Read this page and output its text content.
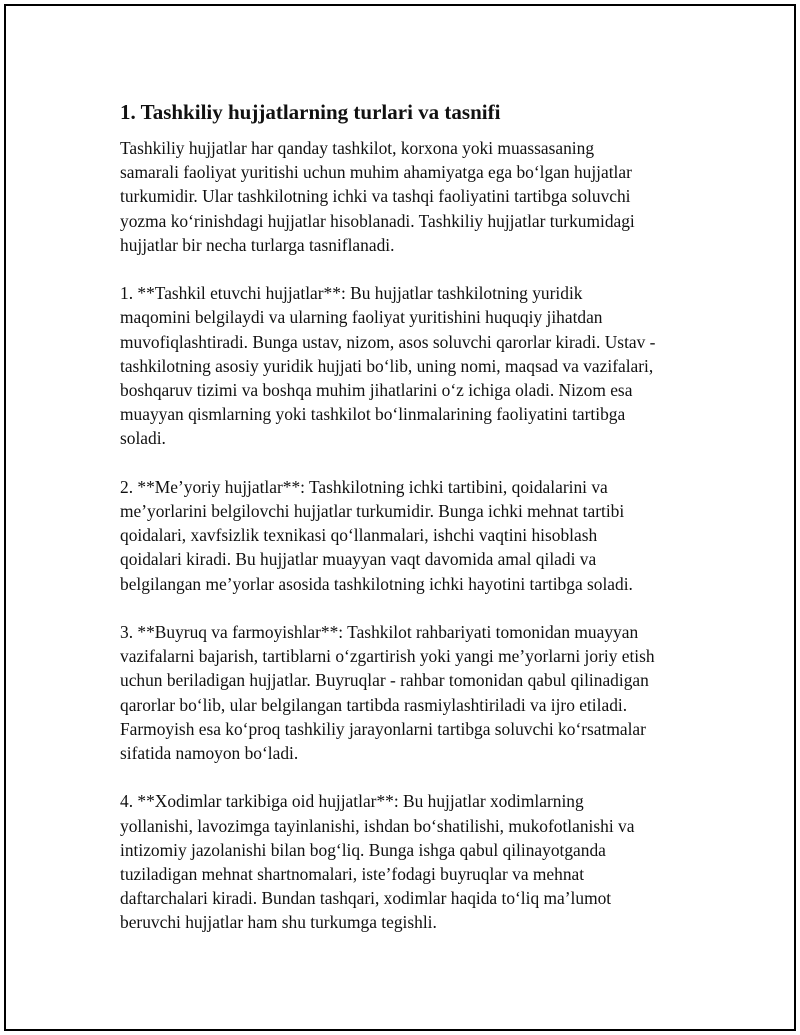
1. Tashkiliy hujjatlarning turlari va tasnifi

Tashkiliy hujjatlar har qanday tashkilot, korxona yoki muassasaning
samarali faoliyat yuritishi uchun muhim ahamiyatga ega bo‘lgan hujjatlar
turkumidir. Ular tashkilotning ichki va tashqi faoliyatini tartibga soluvchi
yozma ko‘rinishdagi hujjatlar hisoblanadi. Tashkiliy hujjatlar turkumidagi
hujjatlar bir necha turlarga tasniflanadi.

1. **Tashkil etuvchi hujjatlar**: Bu hujjatlar tashkilotning yuridik
maqomini belgilaydi va ularning faoliyat yuritishini huquqiy jihatdan
muvofiqlashtiradi. Bunga ustav, nizom, asos soluvchi qarorlar kiradi. Ustav -
tashkilotning asosiy yuridik hujjati bo‘lib, uning nomi, maqsad va vazifalari,
boshqaruv tizimi va boshqa muhim jihatlarini o‘z ichiga oladi. Nizom esa
muayyan qismlarning yoki tashkilot bo‘linmalarining faoliyatini tartibga
soladi.

2. **Me’yoriy hujjatlar**: Tashkilotning ichki tartibini, qoidalarini va
me’yorlarini belgilovchi hujjatlar turkumidir. Bunga ichki mehnat tartibi
qoidalari, xavfsizlik texnikasi qo‘llanmalari, ishchi vaqtini hisoblash
qoidalari kiradi. Bu hujjatlar muayyan vaqt davomida amal qiladi va
belgilangan me’yorlar asosida tashkilotning ichki hayotini tartibga soladi.

3. **Buyruq va farmoyishlar**: Tashkilot rahbariyati tomonidan muayyan
vazifalarni bajarish, tartiblarni o‘zgartirish yoki yangi me’yorlarni joriy etish
uchun beriladigan hujjatlar. Buyruqlar - rahbar tomonidan qabul qilinadigan
qarorlar bo‘lib, ular belgilangan tartibda rasmiylashtiriladi va ijro etiladi.
Farmoyish esa ko‘proq tashkiliy jarayonlarni tartibga soluvchi ko‘rsatmalar
sifatida namoyon bo‘ladi.

4. **Xodimlar tarkibiga oid hujjatlar**: Bu hujjatlar xodimlarning
yollanishi, lavozimga tayinlanishi, ishdan bo‘shatilishi, mukofotlanishi va
intizomiy jazolanishi bilan bog‘liq. Bunga ishga qabul qilinayotganda
tuziladigan mehnat shartnomalari, iste’fodagi buyruqlar va mehnat
daftarchalari kiradi. Bundan tashqari, xodimlar haqida to‘liq ma’lumot
beruvchi hujjatlar ham shu turkumga tegishli.
